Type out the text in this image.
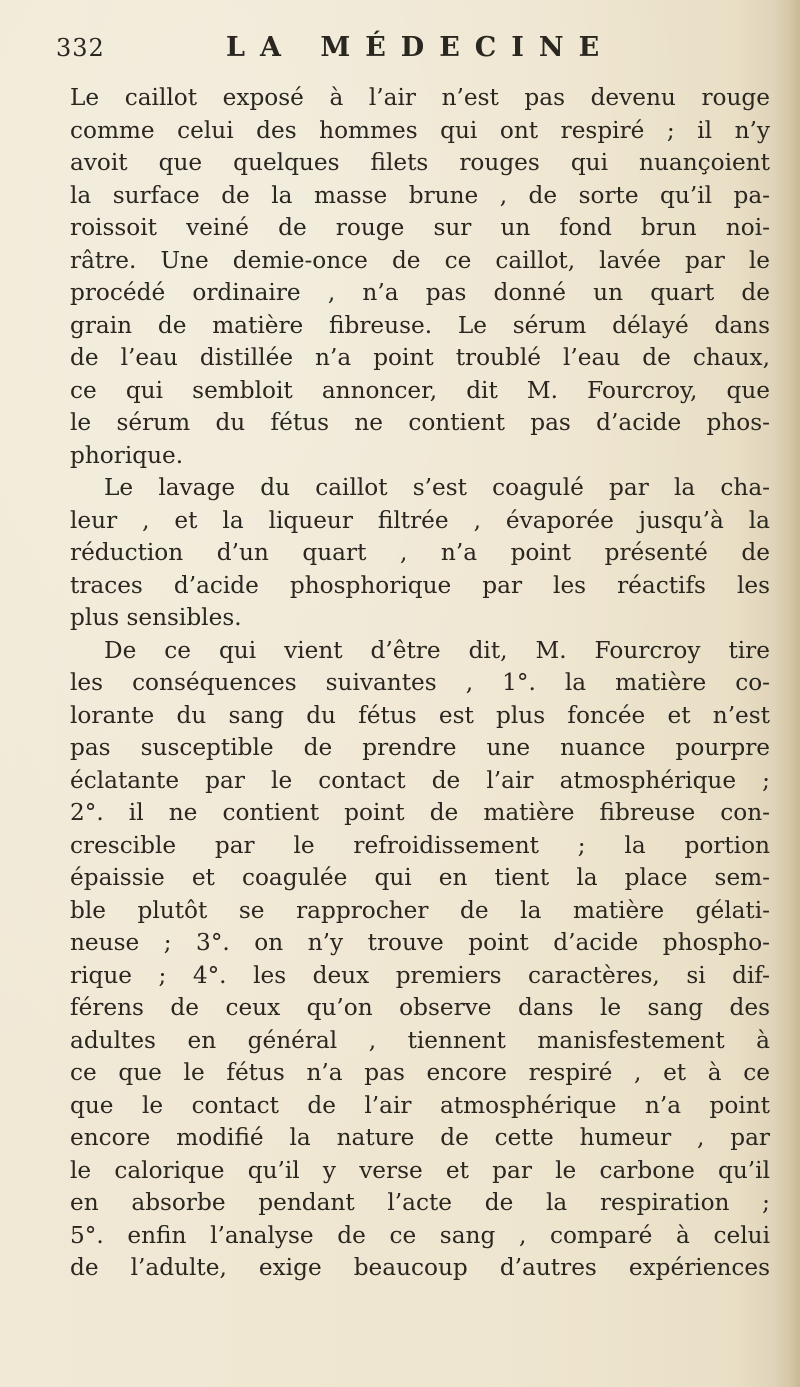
332	LA MÉDECINE
Le caillot exposé à l’air n’est pas devenu rouge
comme celui des hommes qui ont respiré ; il n’y
avoit que quelques filets rouges qui nuançoient
la surface de la masse brune , de sorte qu’il pa-
roissoit veiné de rouge sur un fond brun noi-
râtre. Une demie-once de ce caillot, lavée par le
procédé ordinaire , n’a pas donné un quart de
grain de matière fibreuse. Le sérum délayé dans
de l’eau distillée n’a point troublé l’eau de chaux,
ce qui sembloit annoncer, dit M. Fourcroy, que
le sérum du fétus ne contient pas d’acide phos-
phorique.
Le lavage du caillot s’est coagulé par la cha-
leur , et la liqueur filtrée , évaporée jusqu’à la
réduction d’un quart , n’a point présenté de
traces d’acide phosphorique par les réactifs les
plus sensibles.
De ce qui vient d’être dit, M. Fourcroy tire
les conséquences suivantes , 1°. la matière co-
lorante du sang du fétus est plus foncée et n’est
pas susceptible de prendre une nuance pourpre
éclatante par le contact de l’air atmosphérique ;
2°. il ne contient point de matière fibreuse con-
crescible par le refroidissement ; la portion
épaissie et coagulée qui en tient la place sem-
ble plutôt se rapprocher de la matière gélati-
neuse ; 3°. on n’y trouve point d’acide phospho-
rique ; 4°. les deux premiers caractères, si dif-
férens de ceux qu’on observe dans le sang des
adultes en général , tiennent manisfestement à
ce que le fétus n’a pas encore respiré , et à ce
que le contact de l’air atmosphérique n’a point
encore modifié la nature de cette humeur , par
le calorique qu’il y verse et par le carbone qu’il
en absorbe pendant l’acte de la respiration ;
5°. enfin l’analyse de ce sang , comparé à celui
de l’adulte, exige beaucoup d’autres expériences
